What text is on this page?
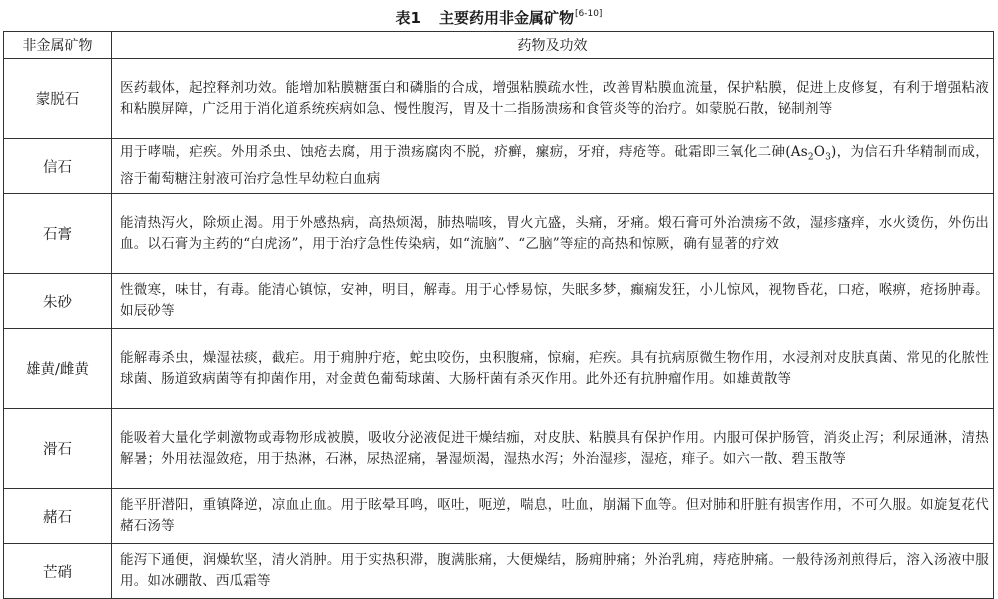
表1 主要药用非金属矿物[6-10]
非金属矿物	药物及功效
蒙脱石	医药载体，起控释剂功效。能增加粘膜糖蛋白和磷脂的合成，增强粘膜疏水性，改善胃粘膜血流量，保护粘膜，促进上皮修复，有利于增强粘液和粘膜屏障，广泛用于消化道系统疾病如急、慢性腹泻，胃及十二指肠溃疡和食管炎等的治疗。如蒙脱石散，铋制剂等
信石	用于哮喘，疟疾。外用杀虫、蚀疮去腐，用于溃疡腐肉不脱，疥癣，瘰疬，牙疳，痔疮等。砒霜即三氧化二砷$(As_2O_3)$，为信石升华精制而成，溶于葡萄糖注射液可治疗急性早幼粒白血病
石膏	能清热泻火，除烦止渴。用于外感热病，高热烦渴，肺热喘咳，胃火亢盛，头痛，牙痛。煅石膏可外治溃疡不敛，湿疹瘙痒，水火烫伤，外伤出血。以石膏为主药的“白虎汤”，用于治疗急性传染病，如“流脑”、“乙脑”等症的高热和惊厥，确有显著的疗效
朱砂	性微寒，味甘，有毒。能清心镇惊，安神，明目，解毒。用于心悸易惊，失眠多梦，癫痫发狂，小儿惊风，视物昏花，口疮，喉痹，疮扬肿毒。如辰砂等
雄黄/雌黄	能解毒杀虫，燥湿祛痰，截疟。用于痈肿疔疮，蛇虫咬伤，虫积腹痛，惊痫，疟疾。具有抗病原微生物作用，水浸剂对皮肤真菌、常见的化脓性球菌、肠道致病菌等有抑菌作用，对金黄色葡萄球菌、大肠杆菌有杀灭作用。此外还有抗肿瘤作用。如雄黄散等
滑石	能吸着大量化学刺激物或毒物形成被膜，吸收分泌液促进干燥结痂，对皮肤、粘膜具有保护作用。内服可保护肠管，消炎止泻；利尿通淋，清热解暑；外用祛湿敛疮，用于热淋，石淋，尿热涩痛，暑湿烦渴，湿热水泻；外治湿疹，湿疮，痱子。如六一散、碧玉散等
赭石	能平肝潜阳，重镇降逆，凉血止血。用于眩晕耳鸣，呕吐，呃逆，喘息，吐血，崩漏下血等。但对肺和肝脏有损害作用，不可久服。如旋复花代赭石汤等
芒硝	能泻下通便，润燥软坚，清火消肿。用于实热积滞，腹满胀痛，大便燥结，肠痈肿痛；外治乳痈，痔疮肿痛。一般待汤剂煎得后，溶入汤液中服用。如冰硼散、西瓜霜等
